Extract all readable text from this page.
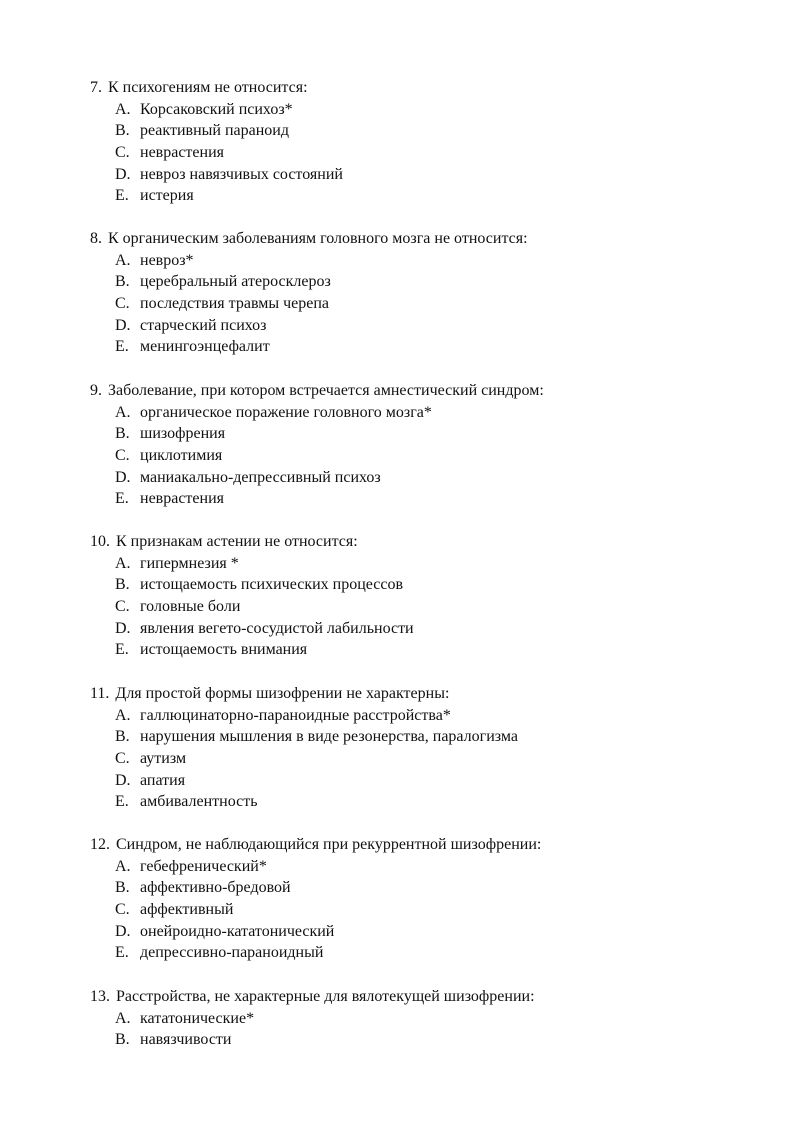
7. К психогениям не относится:
A. Корсаковский психоз*
B. реактивный параноид
C. неврастения
D. невроз навязчивых состояний
E. истерия
8. К органическим заболеваниям головного мозга не относится:
A. невроз*
B. церебральный атеросклероз
C. последствия травмы черепа
D. старческий психоз
E. менингоэнцефалит
9. Заболевание, при котором встречается амнестический синдром:
A. органическое поражение головного мозга*
B. шизофрения
C. циклотимия
D. маниакально-депрессивный психоз
E. неврастения
10. К признакам астении не относится:
A. гипермнезия *
B. истощаемость психических процессов
C. головные боли
D. явления вегето-сосудистой лабильности
E. истощаемость внимания
11. Для простой формы шизофрении не характерны:
A. галлюцинаторно-параноидные расстройства*
B. нарушения мышления в виде резонерства, паралогизма
C. аутизм
D. апатия
E. амбивалентность
12. Синдром, не наблюдающийся при рекуррентной шизофрении:
A. гебефренический*
B. аффективно-бредовой
C. аффективный
D. онейроидно-кататонический
E. депрессивно-параноидный
13. Расстройства, не характерные для вялотекущей шизофрении:
A. кататонические*
B. навязчивости
